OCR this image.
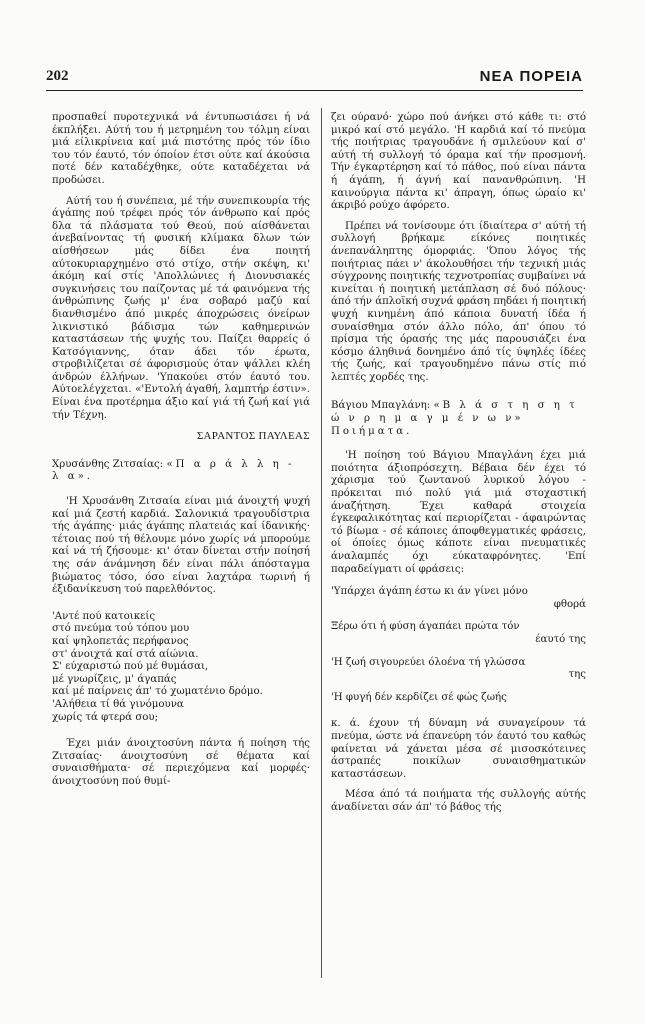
202	ΝΕΑ ΠΟΡΕΙΑ

προσπαθεί πυροτεχνικά νά έντυπωσιάσει ή νά έκπλήξει. Αύτή του ή μετρημένη του τόλμη είναι μιά είλικρίνεια καί μιά πιστότης πρός τόν ίδιο του τόν έαυτό, τόν όποίον έτσι ούτε καί άκούσια ποτέ δέν καταδέχθηκε, ούτε καταδέχεται νά προδώσει.

Αύτή του ή συνέπεια, μέ τήν συνεπικουρία τής άγάπης πού τρέφει πρός τόν άνθρωπο καί πρός δλα τά πλάσματα τού Θεού, πού αίσθάνεται άνεβαίνοντας τή φυσική κλίμακα δλων τών αίσθήσεων μάς δίδει ένα ποιητή αύτοκυριαρχημένο στό στίχο, στήν σκέψη, κι' άκόμη καί στίς 'Απολλώνιες ή Διονυσιακές συγκινήσεις του παίζοντας μέ τά φαινόμενα τής άνθρώπινης ζωής μ' ένα σοβαρό μαζύ καί διανθισμένο άπό μικρές άποχρώσεις όνείρων λικνιστικό βάδισμα τών καθημερινών καταστάσεων τής ψυχής του. Παίζει θαρρείς ό Κατσόγιαννης, όταν άδει τόν έρωτα, στροβιλίζεται σέ άφορισμούς όταν ψάλλει κλέη άνδρών έλλήνων. 'Υπακούει στόν έαυτό του. Αύτοελέγχεται. «'Εντολή άγαθή, λαμπτήρ έστιν». Είναι ένα προτέρημα άξιο καί γιά τή ζωή καί γιά τήν Τέχνη.

ΣΑΡΑΝΤΟΣ ΠΑΥΛΕΑΣ

Χρυσάνθης Ζιτσαίας: «Π α ρ ά λ λ η - λ α».

'Η Χρυσάνθη Ζιτσαία είναι μιά άνοιχτή ψυχή καί μιά ζεστή καρδιά. Σαλονικιά τραγουδίστρια τής άγάπης· μιάς άγάπης πλατειάς καί ίδανικής· τέτοιας πού τή θέλουμε μόνο χωρίς νά μπορούμε καί νά τή ζήσουμε· κι' όταν δίνεται στήν ποίησή της σάν άνάμνηση δέν είναι πάλι άπόσταγμα βιώματος τόσο, όσο είναι λαχτάρα τωρινή ή έξιδανίκευση τού παρελθόντος.

'Αντέ πού κατοικείς
στό πνεύμα τού τόπου μου
καί ψηλοπετάς περήφανος
στ' άνοιχτά καί στά αίώνια.
Σ' εύχαριστώ πού μέ θυμάσαι,
μέ γνωρίζεις, μ' άγαπάς
καί μέ παίρνεις άπ' τό χωματένιο δρόμο.
'Αλήθεια τί θά γινόμουνα
χωρίς τά φτερά σου;

Έχει μιάν άνοιχτοσύνη πάντα ή ποίηση τής Ζιτσαίας· άνοιχτοσύνη σέ θέματα καί συναισθήματα· σέ περιεχόμενα καί μορφές· άνοιχτοσύνη πού θυμί-

ζει ούρανό· χώρο πού άνήκει στό κάθε τι: στό μικρό καί στό μεγάλο. 'Η καρδιά καί τό πνεύμα τής ποιήτριας τραγουδάνε ή σμιλεύουν καί σ' αύτή τή συλλογή τό όραμα καί τήν προσμονή. Τήν έγκαρτέρηση καί τό πάθος, πού είναι πάντα ή άγάπη, ή άγνή καί πανανθρώπινη. 'Η καινούργια πάντα κι' άπραγη, όπως ώραίο κι' άκριβό ρούχο άφόρετο.

Πρέπει νά τονίσουμε ότι ίδιαίτερα σ' αύτή τή συλλογή βρήκαμε είκόνες ποιητικές άνεπανάληπτης όμορφιάς. 'Όπου λόγος τής ποιήτριας πάει ν' άκολουθήσει τήν τεχνική μιάς σύγχρονης ποιητικής τεχνοτροπίας συμβαίνει νά κινείται ή ποιητική μετάπλαση σέ δυό πόλους· άπό τήν άπλοϊκή συχνά φράση πηδάει ή ποιητική ψυχή κινημένη άπό κάποια δυνατή ίδέα ή συναίσθημα στόν άλλο πόλο, άπ' όπου τό πρίσμα τής όρασής της μάς παρουσιάζει ένα κόσμο άληθινά δονημένο άπό τίς ύψηλές ίδέες τής ζωής, καί τραγουδημένο πάνω στίς πιό λεπτές χορδές της.

Βάγιου Μπαγλάνη: «Β λ ά σ τ η σ η τ ώ ν ρ η μ α γ μ έ ν ω ν» Ποιήματα.

'Η ποίηση τού Βάγιου Μπαγλάνη έχει μιά ποιότητα άξιοπρόσεχτη. Βέβαια δέν έχει τό χάρισμα τού ζωντανού λυρικού λόγου - πρόκειται πιό πολύ γιά μιά στοχαστική άναζήτηση. Έχει καθαρά στοιχεία έγκεφαλικότητας καί περιορίζεται - άφαιρώντας τό βίωμα - σέ κάποιες άποφθεγματικές φράσεις, οί όποίες όμως κάποτε είναι πνευματικές άναλαμπές όχι εύκαταφρόνητες. 'Επί παραδείγματι οί φράσεις:

'Υπάρχει άγάπη έστω κι άν γίνει μόνο
φθορά

Ξέρω ότι ή φύση άγαπάει πρώτα τόν
έαυτό της

'Η ζωή σιγουρεύει όλοένα τή γλώσσα
της

'Η φυγή δέν κερδίζει σέ φώς ζωής

κ. ά. έχουν τή δύναμη νά συναγείρουν τά πνεύμα, ώστε νά έπανεύρη τόν έαυτό του καθώς φαίνεται νά χάνεται μέσα σέ μισοσκότεινες άστραπές ποικίλων συναισθηματικών καταστάσεων.

Μέσα άπό τά ποιήματα τής συλλογής αύτής άναδίνεται σάν άπ' τό βάθος τής
